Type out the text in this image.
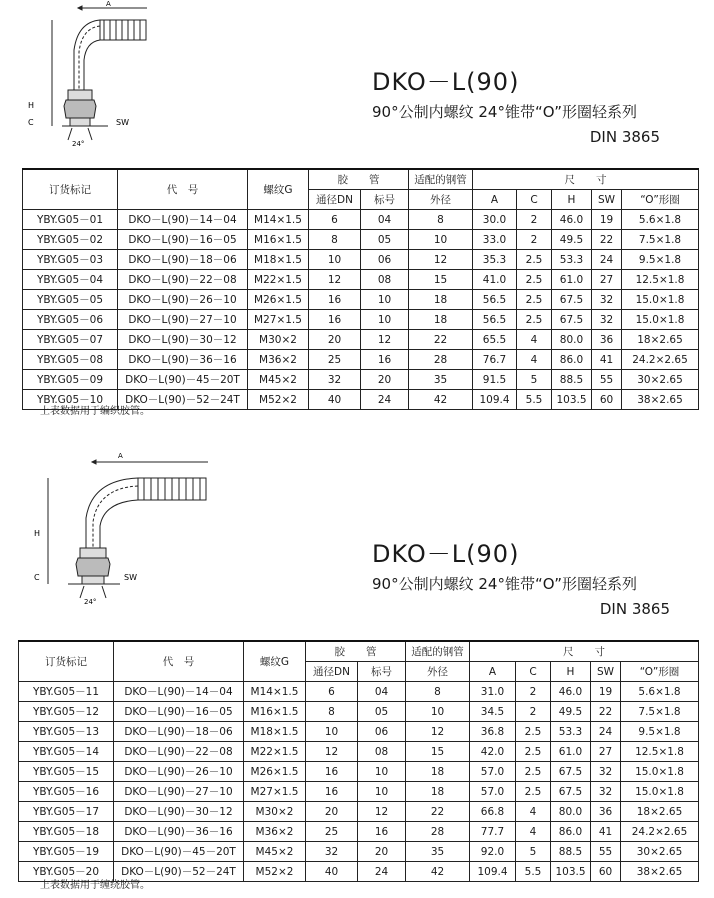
A
H
C	SW
24°
DKO－L(90)
90°公制内螺纹 24°锥带“O”形圈轻系列
DIN 3865
订货标记	代　号	螺纹G	胶　　管		适配的钢管	尺　　寸				
			通径DN	标号	外径	A	C	H	SW	“O”形圈
YBY.G05－01	DKO－L(90)－14－04	M14×1.5	6	04	8	30.0	2	46.0	19	5.6×1.8
YBY.G05－02	DKO－L(90)－16－05	M16×1.5	8	05	10	33.0	2	49.5	22	7.5×1.8
YBY.G05－03	DKO－L(90)－18－06	M18×1.5	10	06	12	35.3	2.5	53.3	24	9.5×1.8
YBY.G05－04	DKO－L(90)－22－08	M22×1.5	12	08	15	41.0	2.5	61.0	27	12.5×1.8
YBY.G05－05	DKO－L(90)－26－10	M26×1.5	16	10	18	56.5	2.5	67.5	32	15.0×1.8
YBY.G05－06	DKO－L(90)－27－10	M27×1.5	16	10	18	56.5	2.5	67.5	32	15.0×1.8
YBY.G05－07	DKO－L(90)－30－12	M30×2	20	12	22	65.5	4	80.0	36	18×2.65
YBY.G05－08	DKO－L(90)－36－16	M36×2	25	16	28	76.7	4	86.0	41	24.2×2.65
YBY.G05－09	DKO－L(90)－45－20T	M45×2	32	20	35	91.5	5	88.5	55	30×2.65
YBY.G05－10	DKO－L(90)－52－24T	M52×2	40	24	42	109.4	5.5	103.5	60	38×2.65
上表数据用于编织胶管。
A
H
C	SW
24°
DKO－L(90)
90°公制内螺纹 24°锥带“O”形圈轻系列
DIN 3865
订货标记	代　号	螺纹G	胶　　管		适配的钢管	尺　　寸				
			通径DN	标号	外径	A	C	H	SW	“O”形圈
YBY.G05－11	DKO－L(90)－14－04	M14×1.5	6	04	8	31.0	2	46.0	19	5.6×1.8
YBY.G05－12	DKO－L(90)－16－05	M16×1.5	8	05	10	34.5	2	49.5	22	7.5×1.8
YBY.G05－13	DKO－L(90)－18－06	M18×1.5	10	06	12	36.8	2.5	53.3	24	9.5×1.8
YBY.G05－14	DKO－L(90)－22－08	M22×1.5	12	08	15	42.0	2.5	61.0	27	12.5×1.8
YBY.G05－15	DKO－L(90)－26－10	M26×1.5	16	10	18	57.0	2.5	67.5	32	15.0×1.8
YBY.G05－16	DKO－L(90)－27－10	M27×1.5	16	10	18	57.0	2.5	67.5	32	15.0×1.8
YBY.G05－17	DKO－L(90)－30－12	M30×2	20	12	22	66.8	4	80.0	36	18×2.65
YBY.G05－18	DKO－L(90)－36－16	M36×2	25	16	28	77.7	4	86.0	41	24.2×2.65
YBY.G05－19	DKO－L(90)－45－20T	M45×2	32	20	35	92.0	5	88.5	55	30×2.65
YBY.G05－20	DKO－L(90)－52－24T	M52×2	40	24	42	109.4	5.5	103.5	60	38×2.65
上表数据用于缠绕胶管。
